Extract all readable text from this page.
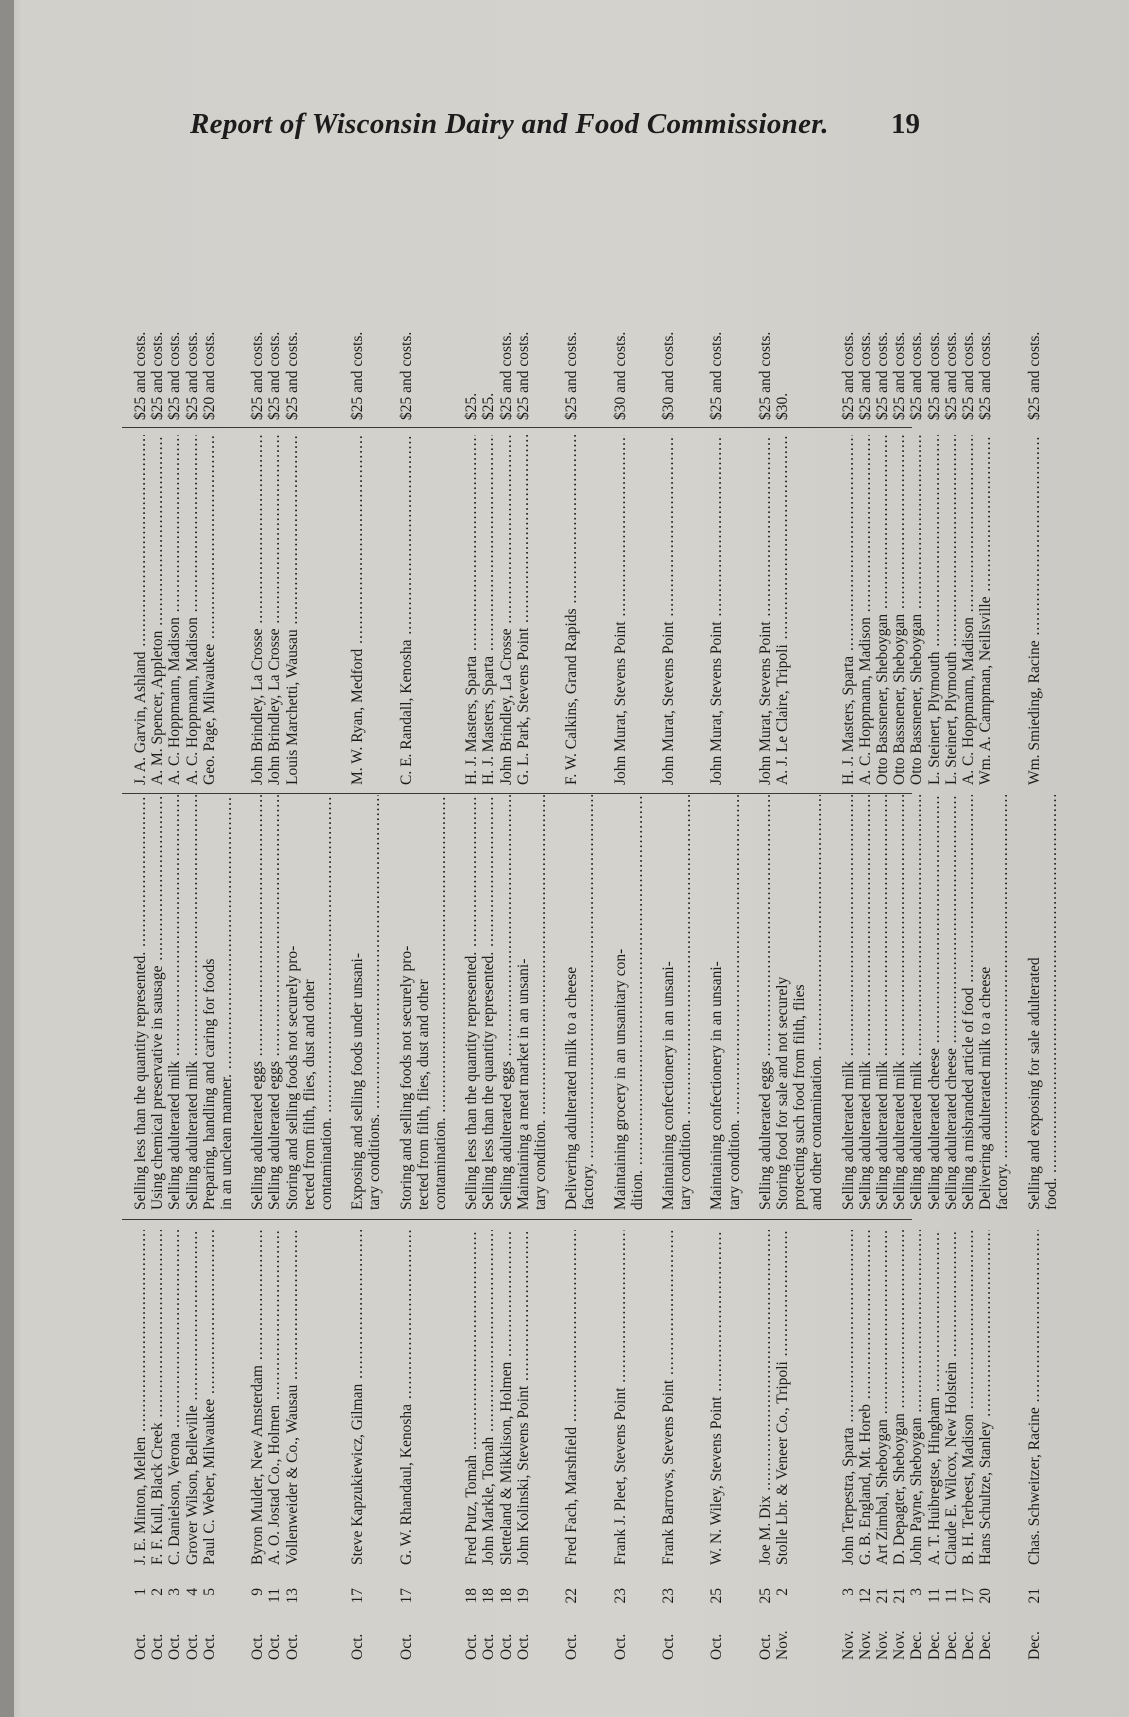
Report of Wisconsin Dairy and Food Commissioner. 19
Oct.
1
J. E. Minton, Mellen .....
Selling less than the quantity represented. .....
J. A. Garvin, Ashland .....
$25 and costs.
Oct.
2
F. F. Kull, Black Creek .....
Using chemical preservative in sausage .....
A. M. Spencer, Appleton .....
$25 and costs.
Oct.
3
C. Danielson, Verona .....
Selling adulterated milk .....
A. C. Hoppmann, Madison .....
$25 and costs.
Oct.
4
Grover Wilson, Belleville .....
Selling adulterated milk .....
A. C. Hoppmann, Madison .....
$25 and costs.
Oct.
5
Paul C. Weber, Milwaukee .....
Preparing, handling and caring for foods in an unclean manner. .....
Geo. Page, Milwaukee .....
$20 and costs.
Oct.
9
Byron Mulder, New Amsterdam .....
Selling adulterated eggs .....
John Brindley, La Crosse .....
$25 and costs.
Oct.
11
A. O. Jostad Co., Holmen .....
Selling adulterated eggs .....
John Brindley, La Crosse .....
$25 and costs.
Oct.
13
Vollenweider & Co., Wausau .....
Storing and selling foods not securely pro- tected from filth, flies, dust and other contamination. .....
Louis Marchetti, Wausau .....
$25 and costs.
Oct.
17
Steve Kapzukiewicz, Gilman .....
Exposing and selling foods under unsani- tary conditions. .....
M. W. Ryan, Medford .....
$25 and costs.
Oct.
17
G. W. Rhandaul, Kenosha .....
Storing and selling foods not securely pro- tected from filth, flies, dust and other contamination. .....
C. E. Randall, Kenosha .....
$25 and costs.
Oct.
18
Fred Putz, Tomah .....
Selling less than the quantity represented. .....
H. J. Masters, Sparta .....
$25.
Oct.
18
John Markle, Tomah .....
Selling less than the quantity represented. .....
H. J. Masters, Sparta .....
$25.
Oct.
18
Sletteland & Mikklison, Holmen .....
Selling adulterated eggs .....
John Brindley, La Crosse .....
$25 and costs.
Oct.
19
John Kolinski, Stevens Point .....
Maintaining a meat market in an unsani- tary condition. .....
G. L. Park, Stevens Point .....
$25 and costs.
Oct.
22
Fred Fach, Marshfield .....
Delivering adulterated milk to a cheese factory. .....
F. W. Calkins, Grand Rapids .....
$25 and costs.
Oct.
23
Frank J. Pleet, Stevens Point .....
Maintaining grocery in an unsanitary con- dition. .....
John Murat, Stevens Point .....
$30 and costs.
Oct.
23
Frank Barrows, Stevens Point .....
Maintaining confectionery in an unsani- tary condition. .....
John Murat, Stevens Point .....
$30 and costs.
Oct.
25
W. N. Wiley, Stevens Point .....
Maintaining confectionery in an unsani- tary condition. .....
John Murat, Stevens Point .....
$25 and costs.
Oct.
25
Joe M. Dix .....
Selling adulterated eggs .....
John Murat, Stevens Point .....
$25 and costs.
Nov.
2
Stolle Lbr. & Veneer Co., Tripoli .....
Storing food for sale and not securely protecting such food from filth, flies and other contamination. .....
A. J. Le Claire, Tripoli .....
$30.
Nov.
3
John Terpestra, Sparta .....
Selling adulterated milk .....
H. J. Masters, Sparta .....
$25 and costs.
Nov.
12
G. B. England, Mt. Horeb .....
Selling adulterated milk .....
A. C. Hoppmann, Madison .....
$25 and costs.
Nov.
21
Art Zimbal, Sheboygan .....
Selling adulterated milk .....
Otto Bassnener, Sheboygan .....
$25 and costs.
Nov.
21
D. Depagter, Sheboygan .....
Selling adulterated milk .....
Otto Bassnener, Sheboygan .....
$25 and costs.
Dec.
3
John Payne, Sheboygan .....
Selling adulterated milk .....
Otto Bassnener, Sheboygan .....
$25 and costs.
Dec.
11
A. T. Huibregtse, Hingham .....
Selling adulterated cheese .....
L. Steinert, Plymouth .....
$25 and costs.
Dec.
11
Claude E. Wilcox, New Holstein .....
Selling adulterated cheese .....
L. Steinert, Plymouth .....
$25 and costs.
Dec.
17
B. H. Terbeest, Madison .....
Selling a misbranded article of food .....
A. C. Hoppmann, Madison .....
$25 and costs.
Dec.
20
Hans Schultze, Stanley .....
Delivering adulterated milk to a cheese factory. .....
Wm. A. Campman, Neillsville .....
$25 and costs.
Dec.
21
Chas. Schweitzer, Racine .....
Selling and exposing for sale adulterated food. .....
Wm. Smieding, Racine .....
$25 and costs.
